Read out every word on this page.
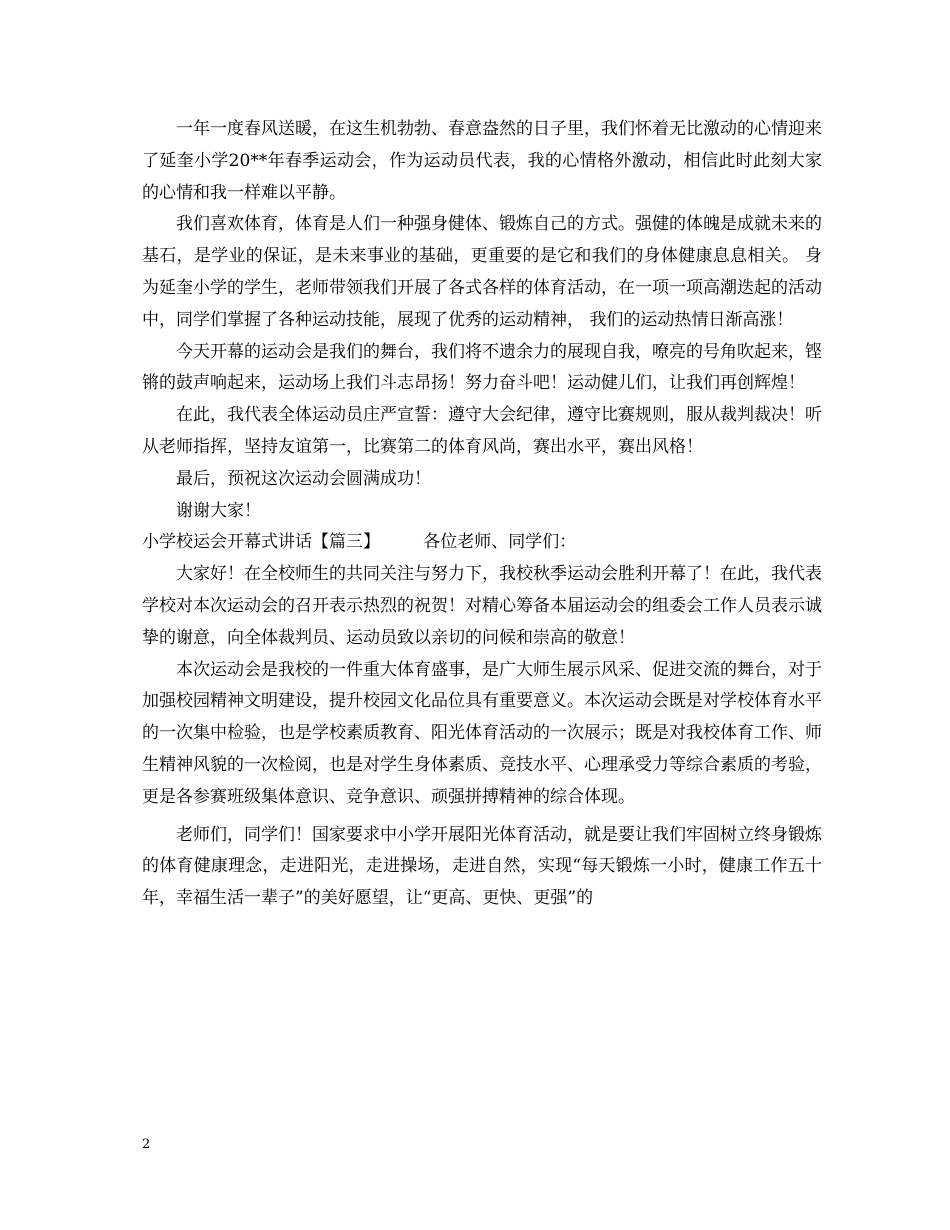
一年一度春风送暖，在这生机勃勃、春意盎然的日子里，我们怀着无比激动的心情迎来了延奎小学20**年春季运动会，作为运动员代表，我的心情格外激动，相信此时此刻大家的心情和我一样难以平静。

我们喜欢体育，体育是人们一种强身健体、锻炼自己的方式。强健的体魄是成就未来的基石，是学业的保证，是未来事业的基础，更重要的是它和我们的身体健康息息相关。 身为延奎小学的学生，老师带领我们开展了各式各样的体育活动，在一项一项高潮迭起的活动中，同学们掌握了各种运动技能，展现了优秀的运动精神， 我们的运动热情日渐高涨！

今天开幕的运动会是我们的舞台，我们将不遗余力的展现自我，嘹亮的号角吹起来，铿锵的鼓声响起来，运动场上我们斗志昂扬！努力奋斗吧！运动健儿们，让我们再创辉煌！

在此，我代表全体运动员庄严宣誓：遵守大会纪律，遵守比赛规则，服从裁判裁决！听从老师指挥，坚持友谊第一，比赛第二的体育风尚，赛出水平，赛出风格！

最后，预祝这次运动会圆满成功！

谢谢大家！

小学校运会开幕式讲话【篇三】	各位老师、同学们：

大家好！在全校师生的共同关注与努力下，我校秋季运动会胜利开幕了！在此，我代表学校对本次运动会的召开表示热烈的祝贺！对精心筹备本届运动会的组委会工作人员表示诚挚的谢意，向全体裁判员、运动员致以亲切的问候和崇高的敬意！

本次运动会是我校的一件重大体育盛事，是广大师生展示风采、促进交流的舞台，对于加强校园精神文明建设，提升校园文化品位具有重要意义。本次运动会既是对学校体育水平的一次集中检验，也是学校素质教育、阳光体育活动的一次展示；既是对我校体育工作、师生精神风貌的一次检阅，也是对学生身体素质、竞技水平、心理承受力等综合素质的考验，更是各参赛班级集体意识、竞争意识、顽强拼搏精神的综合体现。

老师们，同学们！国家要求中小学开展阳光体育活动，就是要让我们牢固树立终身锻炼的体育健康理念，走进阳光，走进操场，走进自然，实现“每天锻炼一小时，健康工作五十年，幸福生活一辈子”的美好愿望，让“更高、更快、更强”的

2
